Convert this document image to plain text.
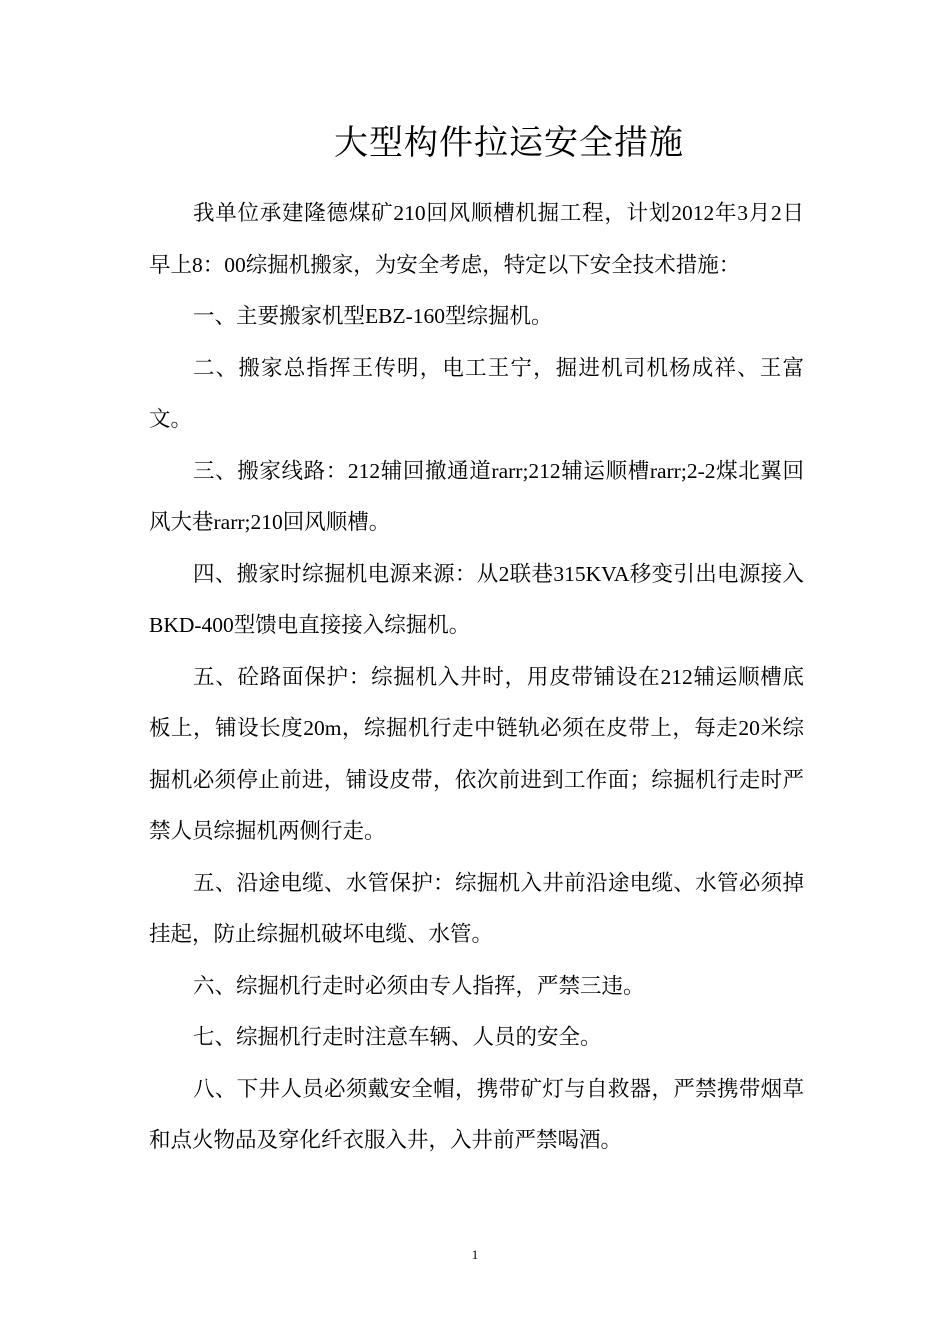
大型构件拉运安全措施

我单位承建隆德煤矿210回风顺槽机掘工程，计划2012年3月2日早上8：00综掘机搬家，为安全考虑，特定以下安全技术措施：

一、主要搬家机型EBZ-160型综掘机。

二、搬家总指挥王传明，电工王宁，掘进机司机杨成祥、王富文。

三、搬家线路：212辅回撤通道rarr;212辅运顺槽rarr;2-2煤北翼回风大巷rarr;210回风顺槽。

四、搬家时综掘机电源来源：从2联巷315KVA移变引出电源接入BKD-400型馈电直接接入综掘机。

五、砼路面保护：综掘机入井时，用皮带铺设在212辅运顺槽底板上，铺设长度20m，综掘机行走中链轨必须在皮带上，每走20米综掘机必须停止前进，铺设皮带，依次前进到工作面；综掘机行走时严禁人员综掘机两侧行走。

五、沿途电缆、水管保护：综掘机入井前沿途电缆、水管必须掉挂起，防止综掘机破坏电缆、水管。

六、综掘机行走时必须由专人指挥，严禁三违。

七、综掘机行走时注意车辆、人员的安全。

八、下井人员必须戴安全帽，携带矿灯与自救器，严禁携带烟草和点火物品及穿化纤衣服入井，入井前严禁喝酒。

1
